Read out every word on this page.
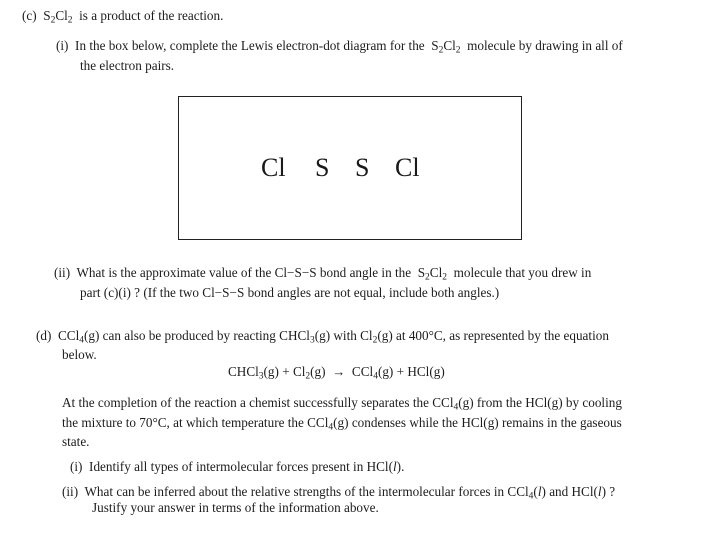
(c) $S_2Cl_2$ is a product of the reaction.
(i) In the box below, complete the Lewis electron-dot diagram for the $S_2Cl_2$ molecule by drawing in all of
the electron pairs.
Cl S S Cl
(ii) What is the approximate value of the Cl−S−S bond angle in the $S_2Cl_2$ molecule that you drew in
part (c)(i) ? (If the two Cl−S−S bond angles are not equal, include both angles.)
(d) CCl$_4$(g) can also be produced by reacting CHCl$_3$(g) with $Cl_2(g)$ at 400°C, as represented by the equation
below.
CHCl$_3$(g) + $Cl_2(g) \to CCl_4(g) + HCl(g)$
At the completion of the reaction a chemist successfully separates the CCl$_4$(g) from the HCl(g) by cooling
the mixture to 70°C, at which temperature the CCl$_4$(g) condenses while the HCl(g) remains in the gaseous
state.
(i) Identify all types of intermolecular forces present in HCl(l).
(ii) What can be inferred about the relative strengths of the intermolecular forces in CCl$_4$(l) and HCl(l) ?
Justify your answer in terms of the information above.
